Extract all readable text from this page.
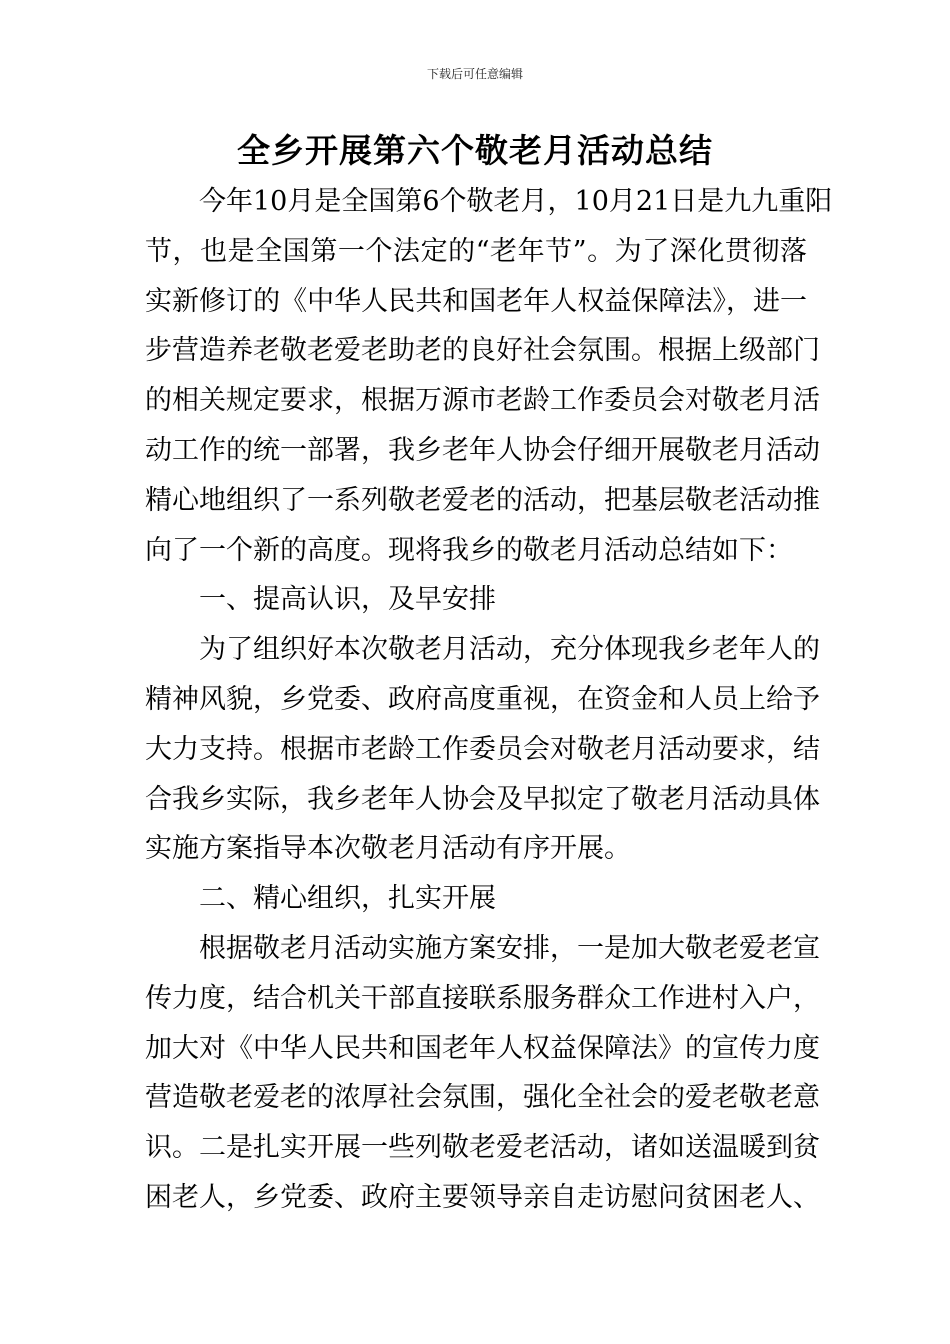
下载后可任意编辑
全乡开展第六个敬老月活动总结
今年10月是全国第6个敬老月，10月21日是九九重阳
节，也是全国第一个法定的“老年节”。为了深化贯彻落
实新修订的《中华人民共和国老年人权益保障法》，进一
步营造养老敬老爱老助老的良好社会氛围。根据上级部门
的相关规定要求，根据万源市老龄工作委员会对敬老月活
动工作的统一部署，我乡老年人协会仔细开展敬老月活动
精心地组织了一系列敬老爱老的活动，把基层敬老活动推
向了一个新的高度。现将我乡的敬老月活动总结如下：
一、提高认识，及早安排
为了组织好本次敬老月活动，充分体现我乡老年人的
精神风貌，乡党委、政府高度重视，在资金和人员上给予
大力支持。根据市老龄工作委员会对敬老月活动要求，结
合我乡实际，我乡老年人协会及早拟定了敬老月活动具体
实施方案指导本次敬老月活动有序开展。
二、精心组织，扎实开展
根据敬老月活动实施方案安排，一是加大敬老爱老宣
传力度，结合机关干部直接联系服务群众工作进村入户，
加大对《中华人民共和国老年人权益保障法》的宣传力度
营造敬老爱老的浓厚社会氛围，强化全社会的爱老敬老意
识。二是扎实开展一些列敬老爱老活动，诸如送温暖到贫
困老人，乡党委、政府主要领导亲自走访慰问贫困老人、
